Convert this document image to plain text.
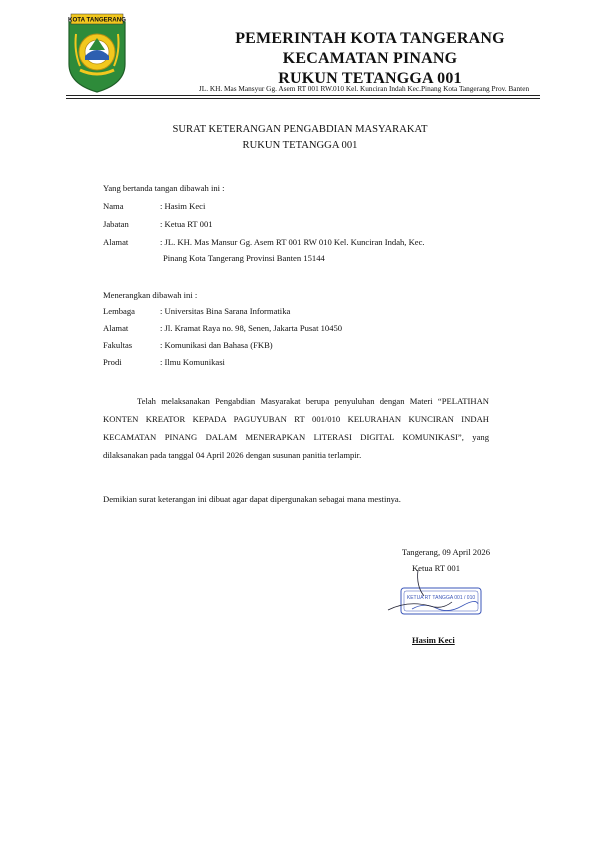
KOTA TANGERANG
PEMERINTAH KOTA TANGERANG
KECAMATAN PINANG
RUKUN TETANGGA 001
JL. KH. Mas Mansyur Gg. Asem RT 001 RW.010 Kel. Kunciran Indah Kec.Pinang Kota Tangerang Prov. Banten
SURAT KETERANGAN PENGABDIAN MASYARAKAT
RUKUN TETANGGA 001
Yang bertanda tangan dibawah ini :
Nama	: Hasim Keci
Jabatan	: Ketua RT 001
Alamat	: JL. KH. Mas Mansur Gg. Asem RT 001 RW 010 Kel. Kunciran Indah, Kec.
Pinang Kota Tangerang Provinsi Banten 15144
Menerangkan dibawah ini :
Lembaga	: Universitas Bina Sarana Informatika
Alamat	: Jl. Kramat Raya no. 98, Senen, Jakarta Pusat 10450
Fakultas	: Komunikasi dan Bahasa (FKB)
Prodi	: Ilmu Komunikasi
Telah melaksanakan Pengabdian Masyarakat berupa penyuluhan dengan Materi “PELATIHAN KONTEN KREATOR KEPADA PAGUYUBAN RT 001/010 KELURAHAN KUNCIRAN INDAH KECAMATAN PINANG DALAM MENERAPKAN LITERASI DIGITAL KOMUNIKASI”, yang dilaksanakan pada tanggal 04 April 2026 dengan susunan panitia terlampir.
Demikian surat keterangan ini dibuat agar dapat dipergunakan sebagai mana mestinya.
Tangerang, 09 April 2026
Ketua RT 001
KETUA RT TANGGA 001 / 010
Hasim Keci
